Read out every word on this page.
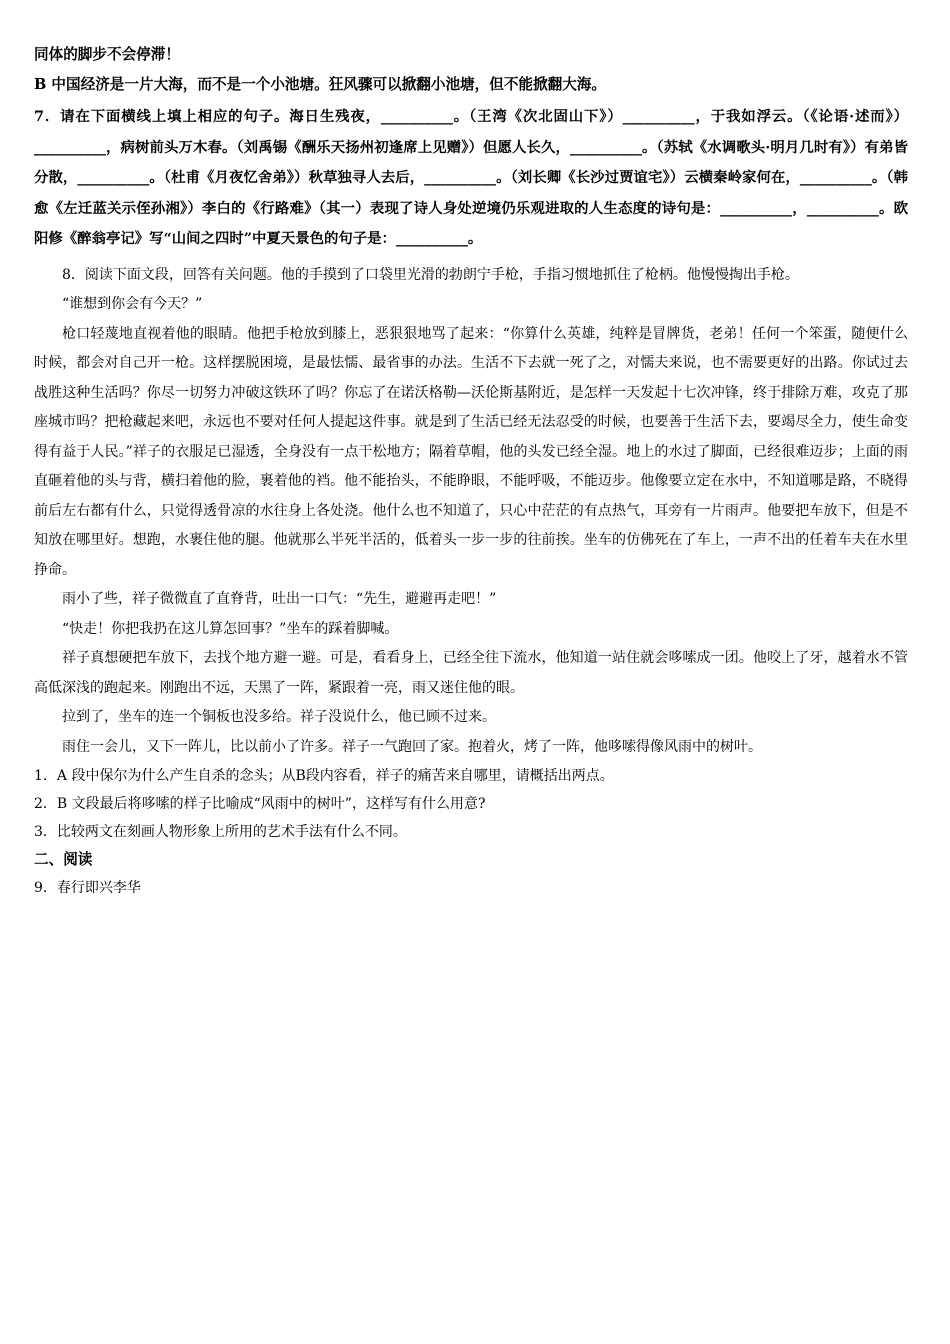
同体的脚步不会停滞！
B 中国经济是一片大海，而不是一个小池塘。狂风骤可以掀翻小池塘，但不能掀翻大海。
7．请在下面横线上填上相应的句子。海日生残夜，__________。（王湾《次北固山下》）__________，于我如浮云。（《论语·述而》）__________，病树前头万木春。（刘禹锡《酬乐天扬州初逢席上见赠》）但愿人长久，__________。（苏轼《水调歌头·明月几时有》）有弟皆分散，__________。（杜甫《月夜忆舍弟》）秋草独寻人去后，__________。（刘长卿《长沙过贾谊宅》）云横秦岭家何在，__________。（韩愈《左迁蓝关示侄孙湘》）李白的《行路难》（其一）表现了诗人身处逆境仍乐观进取的人生态度的诗句是：__________，__________。欧阳修《醉翁亭记》写“山间之四时”中夏天景色的句子是：__________。
8．阅读下面文段，回答有关问题。他的手摸到了口袋里光滑的勃朗宁手枪，手指习惯地抓住了枪柄。他慢慢掏出手枪。
“谁想到你会有今天？”
枪口轻蔑地直视着他的眼睛。他把手枪放到膝上，恶狠狠地骂了起来：“你算什么英雄，纯粹是冒牌货，老弟！任何一个笨蛋，随便什么时候，都会对自己开一枪。这样摆脱困境，是最怯懦、最省事的办法。生活不下去就一死了之，对懦夫来说，也不需要更好的出路。你试过去战胜这种生活吗？你尽一切努力冲破这铁环了吗？你忘了在诺沃格勒—沃伦斯基附近，是怎样一天发起十七次冲锋，终于排除万难，攻克了那座城市吗？把枪藏起来吧，永远也不要对任何人提起这件事。就是到了生活已经无法忍受的时候，也要善于生活下去，要竭尽全力，使生命变得有益于人民。”祥子的衣服足已湿透，全身没有一点干松地方；隔着草帽，他的头发已经全湿。地上的水过了脚面，已经很难迈步；上面的雨直砸着他的头与背，横扫着他的脸，裹着他的裆。他不能抬头，不能睁眼，不能呼吸，不能迈步。他像要立定在水中，不知道哪是路，不晓得前后左右都有什么，只觉得透骨凉的水往身上各处浇。他什么也不知道了，只心中茫茫的有点热气，耳旁有一片雨声。他要把车放下，但是不知放在哪里好。想跑，水裹住他的腿。他就那么半死半活的，低着头一步一步的往前挨。坐车的仿佛死在了车上，一声不出的任着车夫在水里挣命。
雨小了些，祥子微微直了直脊背，吐出一口气：“先生，避避再走吧！”
“快走！你把我扔在这儿算怎回事？”坐车的踩着脚喊。
祥子真想硬把车放下，去找个地方避一避。可是，看看身上，已经全往下流水，他知道一站住就会哆嗦成一团。他咬上了牙，越着水不管高低深浅的跑起来。刚跑出不远，天黑了一阵，紧跟着一亮，雨又迷住他的眼。
拉到了，坐车的连一个铜板也没多给。祥子没说什么，他已顾不过来。
雨住一会儿，又下一阵儿，比以前小了许多。祥子一气跑回了家。抱着火，烤了一阵，他哆嗦得像风雨中的树叶。
1．A 段中保尔为什么产生自杀的念头；从B段内容看，祥子的痛苦来自哪里，请概括出两点。
2．B 文段最后将哆嗦的样子比喻成“风雨中的树叶”，这样写有什么用意?
3．比较两文在刻画人物形象上所用的艺术手法有什么不同。
二、阅读
9．春行即兴李华
